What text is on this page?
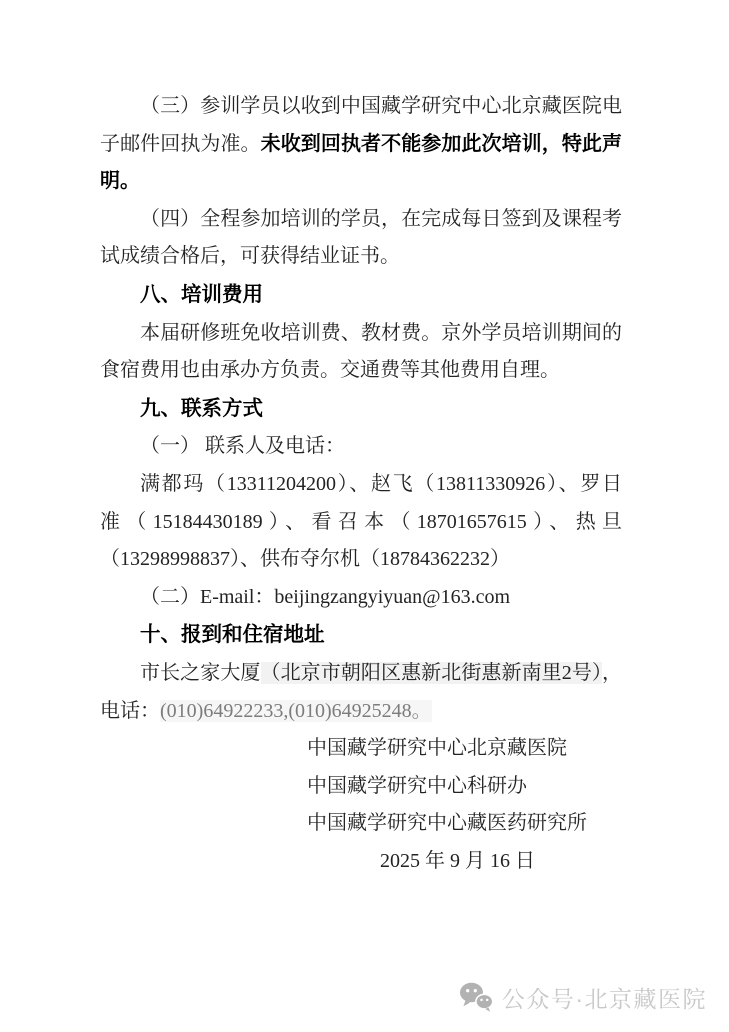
（三）参训学员以收到中国藏学研究中心北京藏医院电
子邮件回执为准。未收到回执者不能参加此次培训，特此声
明。
（四）全程参加培训的学员，在完成每日签到及课程考
试成绩合格后，可获得结业证书。
八、培训费用
本届研修班免收培训费、教材费。京外学员培训期间的
食宿费用也由承办方负责。交通费等其他费用自理。
九、联系方式
（一） 联系人及电话：
满都玛（13311204200）、赵飞（13811330926）、罗日
准（15184430189）、看召本（18701657615）、热旦
（13298998837）、供布夺尔机（18784362232）
（二）E-mail：beijingzangyiyuan@163.com
十、报到和住宿地址
市长之家大厦（北京市朝阳区惠新北街惠新南里2号），
电话：(010)64922233,(010)64925248。
中国藏学研究中心北京藏医院
中国藏学研究中心科研办
中国藏学研究中心藏医药研究所
2025 年 9 月 16 日
公众号·北京藏医院
